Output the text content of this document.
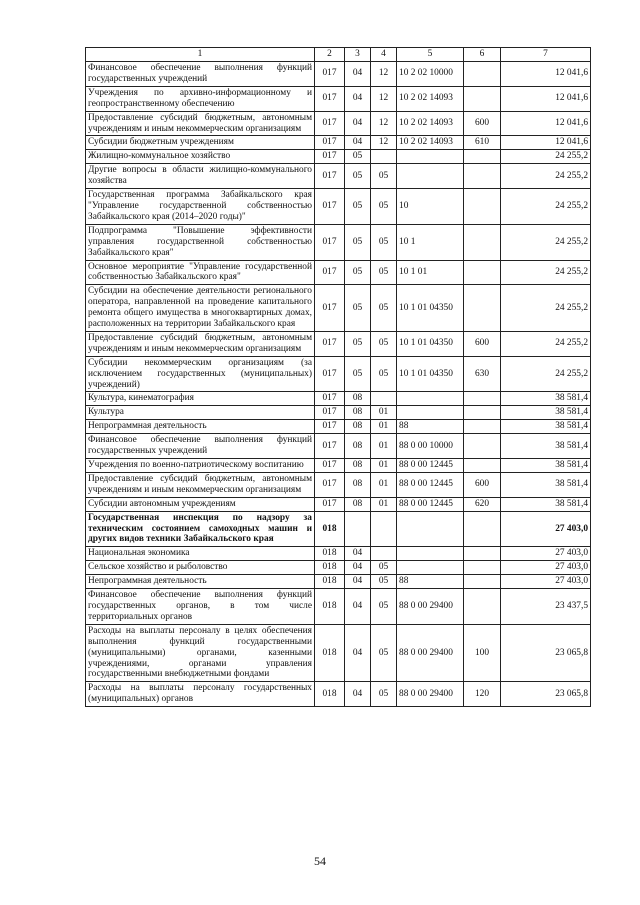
1	2	3	4	5	6	7
Финансовое обеспечение выполнения функций государственных учреждений	017	04	12	10 2 02 10000		12 041,6
Учреждения по архивно-информационному и геопространственному обеспечению	017	04	12	10 2 02 14093		12 041,6
Предоставление субсидий бюджетным, автономным учреждениям и иным некоммерческим организациям	017	04	12	10 2 02 14093	600	12 041,6
Субсидии бюджетным учреждениям	017	04	12	10 2 02 14093	610	12 041,6
Жилищно-коммунальное хозяйство	017	05				24 255,2
Другие вопросы в области жилищно-коммунального хозяйства	017	05	05			24 255,2
Государственная программа Забайкальского края "Управление государственной собственностью Забайкальского края (2014–2020 годы)"	017	05	05	10		24 255,2
Подпрограмма "Повышение эффективности управления государственной собственностью Забайкальского края"	017	05	05	10 1		24 255,2
Основное мероприятие "Управление государственной собственностью Забайкальского края"	017	05	05	10 1 01		24 255,2
Субсидии на обеспечение деятельности регионального оператора, направленной на проведение капитального ремонта общего имущества в многоквартирных домах, расположенных на территории Забайкальского края	017	05	05	10 1 01 04350		24 255,2
Предоставление субсидий бюджетным, автономным учреждениям и иным некоммерческим организациям	017	05	05	10 1 01 04350	600	24 255,2
Субсидии некоммерческим организациям (за исключением государственных (муниципальных) учреждений)	017	05	05	10 1 01 04350	630	24 255,2
Культура, кинематография	017	08				38 581,4
Культура	017	08	01			38 581,4
Непрограммная деятельность	017	08	01	88		38 581,4
Финансовое обеспечение выполнения функций государственных учреждений	017	08	01	88 0 00 10000		38 581,4
Учреждения по военно-патриотическому воспитанию	017	08	01	88 0 00 12445		38 581,4
Предоставление субсидий бюджетным, автономным учреждениям и иным некоммерческим организациям	017	08	01	88 0 00 12445	600	38 581,4
Субсидии автономным учреждениям	017	08	01	88 0 00 12445	620	38 581,4
Государственная инспекция по надзору за техническим состоянием самоходных машин и других видов техники Забайкальского края	018					27 403,0
Национальная экономика	018	04				27 403,0
Сельское хозяйство и рыболовство	018	04	05			27 403,0
Непрограммная деятельность	018	04	05	88		27 403,0
Финансовое обеспечение выполнения функций государственных органов, в том числе территориальных органов	018	04	05	88 0 00 29400		23 437,5
Расходы на выплаты персоналу в целях обеспечения выполнения функций государственными (муниципальными) органами, казенными учреждениями, органами управления государственными внебюджетными фондами	018	04	05	88 0 00 29400	100	23 065,8
Расходы на выплаты персоналу государственных (муниципальных) органов	018	04	05	88 0 00 29400	120	23 065,8
54
